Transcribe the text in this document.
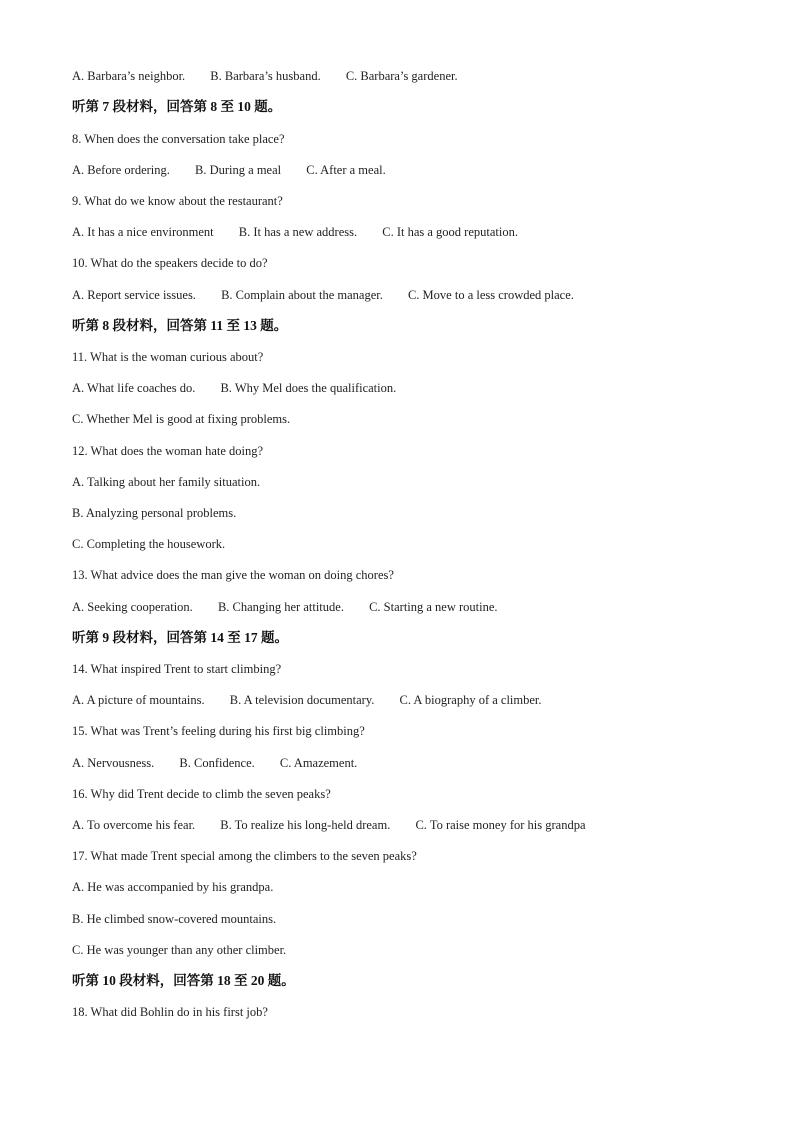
A. Barbara’s neighbor. B. Barbara’s husband. C. Barbara’s gardener.
听第 7 段材料，回答第 8 至 10 题。
8. When does the conversation take place?
A. Before ordering. B. During a meal C. After a meal.
9. What do we know about the restaurant?
A. It has a nice environment B. It has a new address. C. It has a good reputation.
10. What do the speakers decide to do?
A. Report service issues. B. Complain about the manager. C. Move to a less crowded place.
听第 8 段材料，回答第 11 至 13 题。
11. What is the woman curious about?
A. What life coaches do. B. Why Mel does the qualification.
C. Whether Mel is good at fixing problems.
12. What does the woman hate doing?
A. Talking about her family situation.
B. Analyzing personal problems.
C. Completing the housework.
13. What advice does the man give the woman on doing chores?
A. Seeking cooperation. B. Changing her attitude. C. Starting a new routine.
听第 9 段材料，回答第 14 至 17 题。
14. What inspired Trent to start climbing?
A. A picture of mountains. B. A television documentary. C. A biography of a climber.
15. What was Trent’s feeling during his first big climbing?
A. Nervousness. B. Confidence. C. Amazement.
16. Why did Trent decide to climb the seven peaks?
A. To overcome his fear. B. To realize his long-held dream. C. To raise money for his grandpa
17. What made Trent special among the climbers to the seven peaks?
A. He was accompanied by his grandpa.
B. He climbed snow-covered mountains.
C. He was younger than any other climber.
听第 10 段材料，回答第 18 至 20 题。
18. What did Bohlin do in his first job?
